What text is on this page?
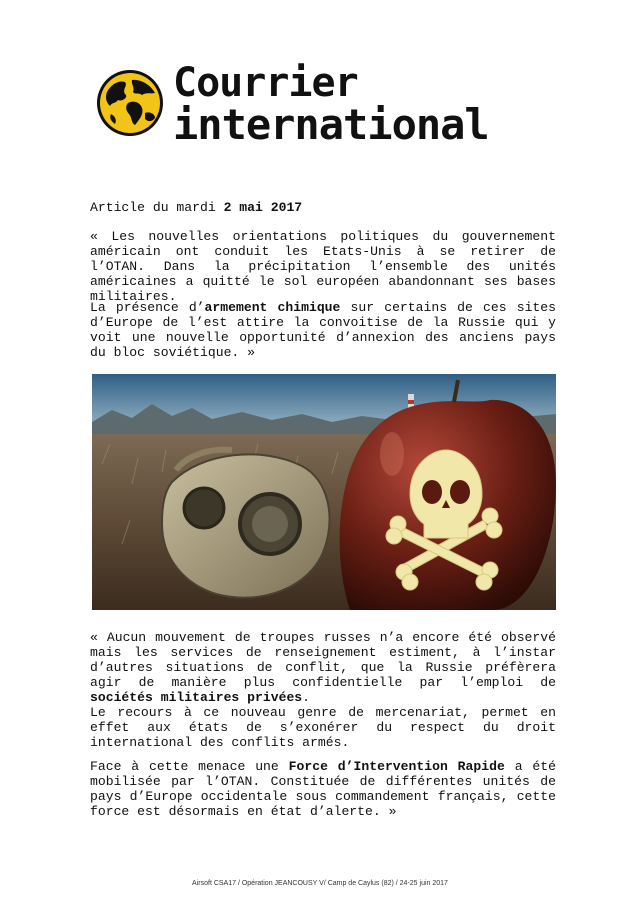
Courrier
international

Article du mardi 2 mai 2017

« Les nouvelles orientations politiques du gouvernement américain ont conduit les Etats-Unis à se retirer de l’OTAN. Dans la précipitation l’ensemble des unités américaines a quitté le sol européen abandonnant ses bases militaires.

La présence d’armement chimique sur certains de ces sites d’Europe de l’est attire la convoitise de la Russie qui y voit une nouvelle opportunité d’annexion des anciens pays du bloc soviétique. »

« Aucun mouvement de troupes russes n’a encore été observé mais les services de renseignement estiment, à l’instar d’autres situations de conflit, que la Russie préfèrera agir de manière plus confidentielle par l’emploi de sociétés militaires privées.
Le recours à ce nouveau genre de mercenariat, permet en effet aux états de s’exonérer du respect du droit international des conflits armés.

Face à cette menace une Force d’Intervention Rapide a été mobilisée par l’OTAN. Constituée de différentes unités de pays d’Europe occidentale sous commandement français, cette force est désormais en état d’alerte. »

Airsoft CSA17 / Opération JEANCOUSY V/ Camp de Caylus (82) / 24-25 juin 2017
